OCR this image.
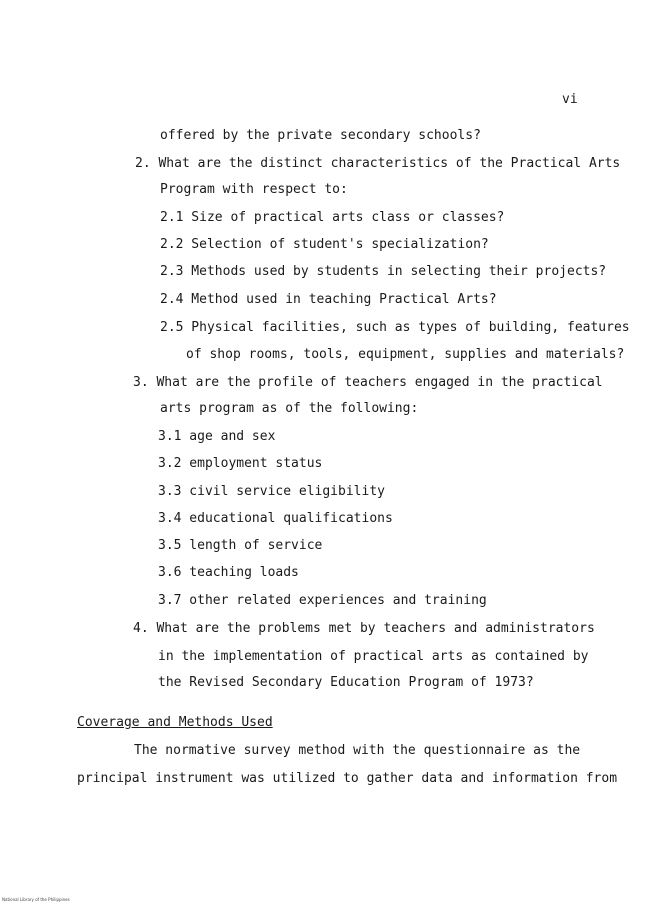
vi
offered by the private secondary schools?
2. What are the distinct characteristics of the Practical Arts
Program with respect to:
2.1 Size of practical arts class or classes?
2.2 Selection of student's specialization?
2.3 Methods used by students in selecting their projects?
2.4 Method used in teaching Practical Arts?
2.5 Physical facilities, such as types of building, features
of shop rooms, tools, equipment, supplies and materials?
3. What are the profile of teachers engaged in the practical
arts program as of the following:
3.1 age and sex
3.2 employment status
3.3 civil service eligibility
3.4 educational qualifications
3.5 length of service
3.6 teaching loads
3.7 other related experiences and training
4. What are the problems met by teachers and administrators
in the implementation of practical arts as contained by
the Revised Secondary Education Program of 1973?
Coverage and Methods Used
The normative survey method with the questionnaire as the
principal instrument was utilized to gather data and information from
National Library of the Philippines
